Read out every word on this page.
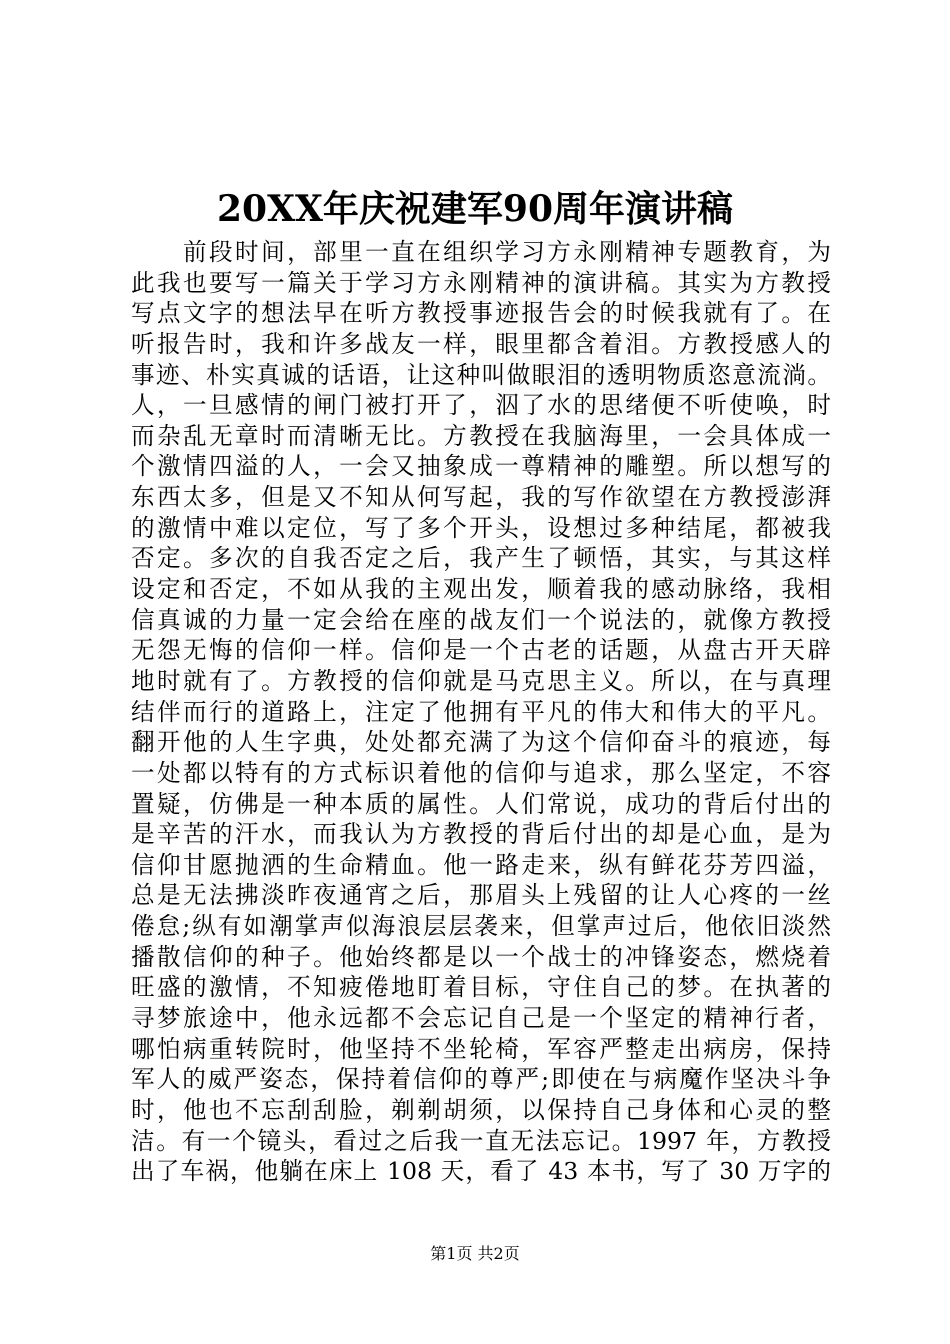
20XX年庆祝建军90周年演讲稿
　　前段时间，部里一直在组织学习方永刚精神专题教育，为
此我也要写一篇关于学习方永刚精神的演讲稿。其实为方教授
写点文字的想法早在听方教授事迹报告会的时候我就有了。在
听报告时，我和许多战友一样，眼里都含着泪。方教授感人的
事迹、朴实真诚的话语，让这种叫做眼泪的透明物质恣意流淌。
人，一旦感情的闸门被打开了，泅了水的思绪便不听使唤，时
而杂乱无章时而清晰无比。方教授在我脑海里，一会具体成一
个激情四溢的人，一会又抽象成一尊精神的雕塑。所以想写的
东西太多，但是又不知从何写起，我的写作欲望在方教授澎湃
的激情中难以定位，写了多个开头，设想过多种结尾，都被我
否定。多次的自我否定之后，我产生了顿悟，其实，与其这样
设定和否定，不如从我的主观出发，顺着我的感动脉络，我相
信真诚的力量一定会给在座的战友们一个说法的，就像方教授
无怨无悔的信仰一样。信仰是一个古老的话题，从盘古开天辟
地时就有了。方教授的信仰就是马克思主义。所以，在与真理
结伴而行的道路上，注定了他拥有平凡的伟大和伟大的平凡。
翻开他的人生字典，处处都充满了为这个信仰奋斗的痕迹，每
一处都以特有的方式标识着他的信仰与追求，那么坚定，不容
置疑，仿佛是一种本质的属性。人们常说，成功的背后付出的
是辛苦的汗水，而我认为方教授的背后付出的却是心血，是为
信仰甘愿抛洒的生命精血。他一路走来，纵有鲜花芬芳四溢，
总是无法拂淡昨夜通宵之后，那眉头上残留的让人心疼的一丝
倦怠;纵有如潮掌声似海浪层层袭来，但掌声过后，他依旧淡然
播散信仰的种子。他始终都是以一个战士的冲锋姿态，燃烧着
旺盛的激情，不知疲倦地盯着目标，守住自己的梦。在执著的
寻梦旅途中，他永远都不会忘记自己是一个坚定的精神行者，
哪怕病重转院时，他坚持不坐轮椅，军容严整走出病房，保持
军人的威严姿态，保持着信仰的尊严;即使在与病魔作坚决斗争
时，他也不忘刮刮脸，剃剃胡须，以保持自己身体和心灵的整
洁。有一个镜头，看过之后我一直无法忘记。1997 年，方教授
出了车祸，他躺在床上 108 天，看了 43 本书，写了 30 万字的
第1页 共2页
